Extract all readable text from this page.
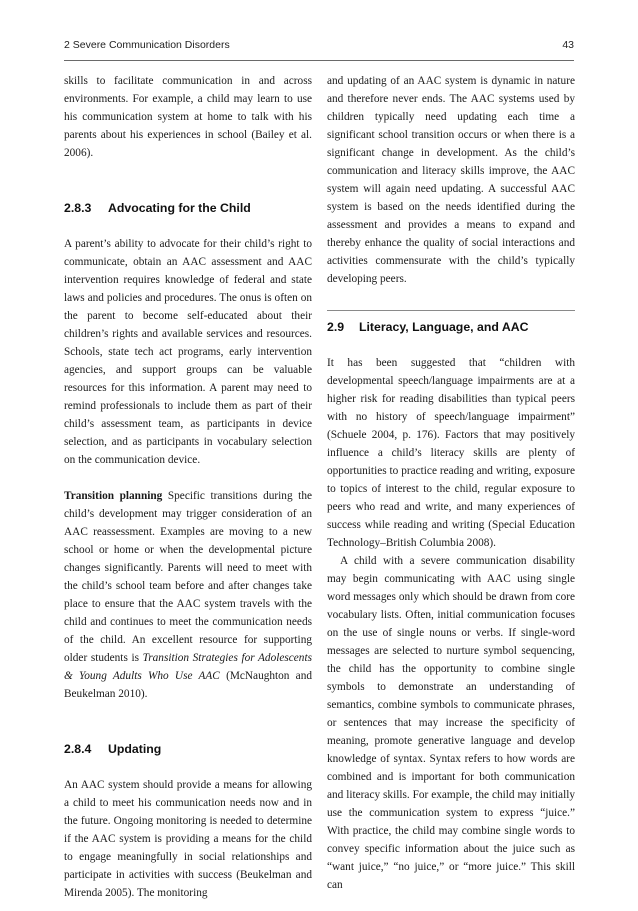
2 Severe Communication Disorders	43

skills to facilitate communication in and across environments. For example, a child may learn to use his communication system at home to talk with his parents about his experiences in school (Bailey et al. 2006).

2.8.3 Advocating for the Child

A parent’s ability to advocate for their child’s right to communicate, obtain an AAC assessment and AAC intervention requires knowledge of federal and state laws and policies and procedures. The onus is often on the parent to become self-educated about their children’s rights and available services and resources. Schools, state tech act programs, early intervention agencies, and support groups can be valuable resources for this information. A parent may need to remind professionals to include them as part of their child’s assessment team, as participants in device selection, and as participants in vocabulary selection on the communication device.

Transition planning Specific transitions during the child’s development may trigger consideration of an AAC reassessment. Examples are moving to a new school or home or when the developmental picture changes significantly. Parents will need to meet with the child’s school team before and after changes take place to ensure that the AAC system travels with the child and continues to meet the communication needs of the child. An excellent resource for supporting older students is Transition Strategies for Adolescents & Young Adults Who Use AAC (McNaughton and Beukelman 2010).

2.8.4 Updating

An AAC system should provide a means for allowing a child to meet his communication needs now and in the future. Ongoing monitoring is needed to determine if the AAC system is providing a means for the child to engage meaningfully in social relationships and participate in activities with success (Beukelman and Mirenda 2005). The monitoring

and updating of an AAC system is dynamic in nature and therefore never ends. The AAC systems used by children typically need updating each time a significant school transition occurs or when there is a significant change in development. As the child’s communication and literacy skills improve, the AAC system will again need updating. A successful AAC system is based on the needs identified during the assessment and provides a means to expand and thereby enhance the quality of social interactions and activities commensurate with the child’s typically developing peers.

2.9 Literacy, Language, and AAC

It has been suggested that “children with developmental speech/language impairments are at a higher risk for reading disabilities than typical peers with no history of speech/language impairment” (Schuele 2004, p. 176). Factors that may positively influence a child’s literacy skills are plenty of opportunities to practice reading and writing, exposure to topics of interest to the child, regular exposure to peers who read and write, and many experiences of success while reading and writing (Special Education Technology–British Columbia 2008).

A child with a severe communication disability may begin communicating with AAC using single word messages only which should be drawn from core vocabulary lists. Often, initial communication focuses on the use of single nouns or verbs. If single-word messages are selected to nurture symbol sequencing, the child has the opportunity to combine single symbols to demonstrate an understanding of semantics, combine symbols to communicate phrases, or sentences that may increase the specificity of meaning, promote generative language and develop knowledge of syntax. Syntax refers to how words are combined and is important for both communication and literacy skills. For example, the child may initially use the communication system to express “juice.” With practice, the child may combine single words to convey specific information about the juice such as “want juice,” “no juice,” or “more juice.” This skill can
